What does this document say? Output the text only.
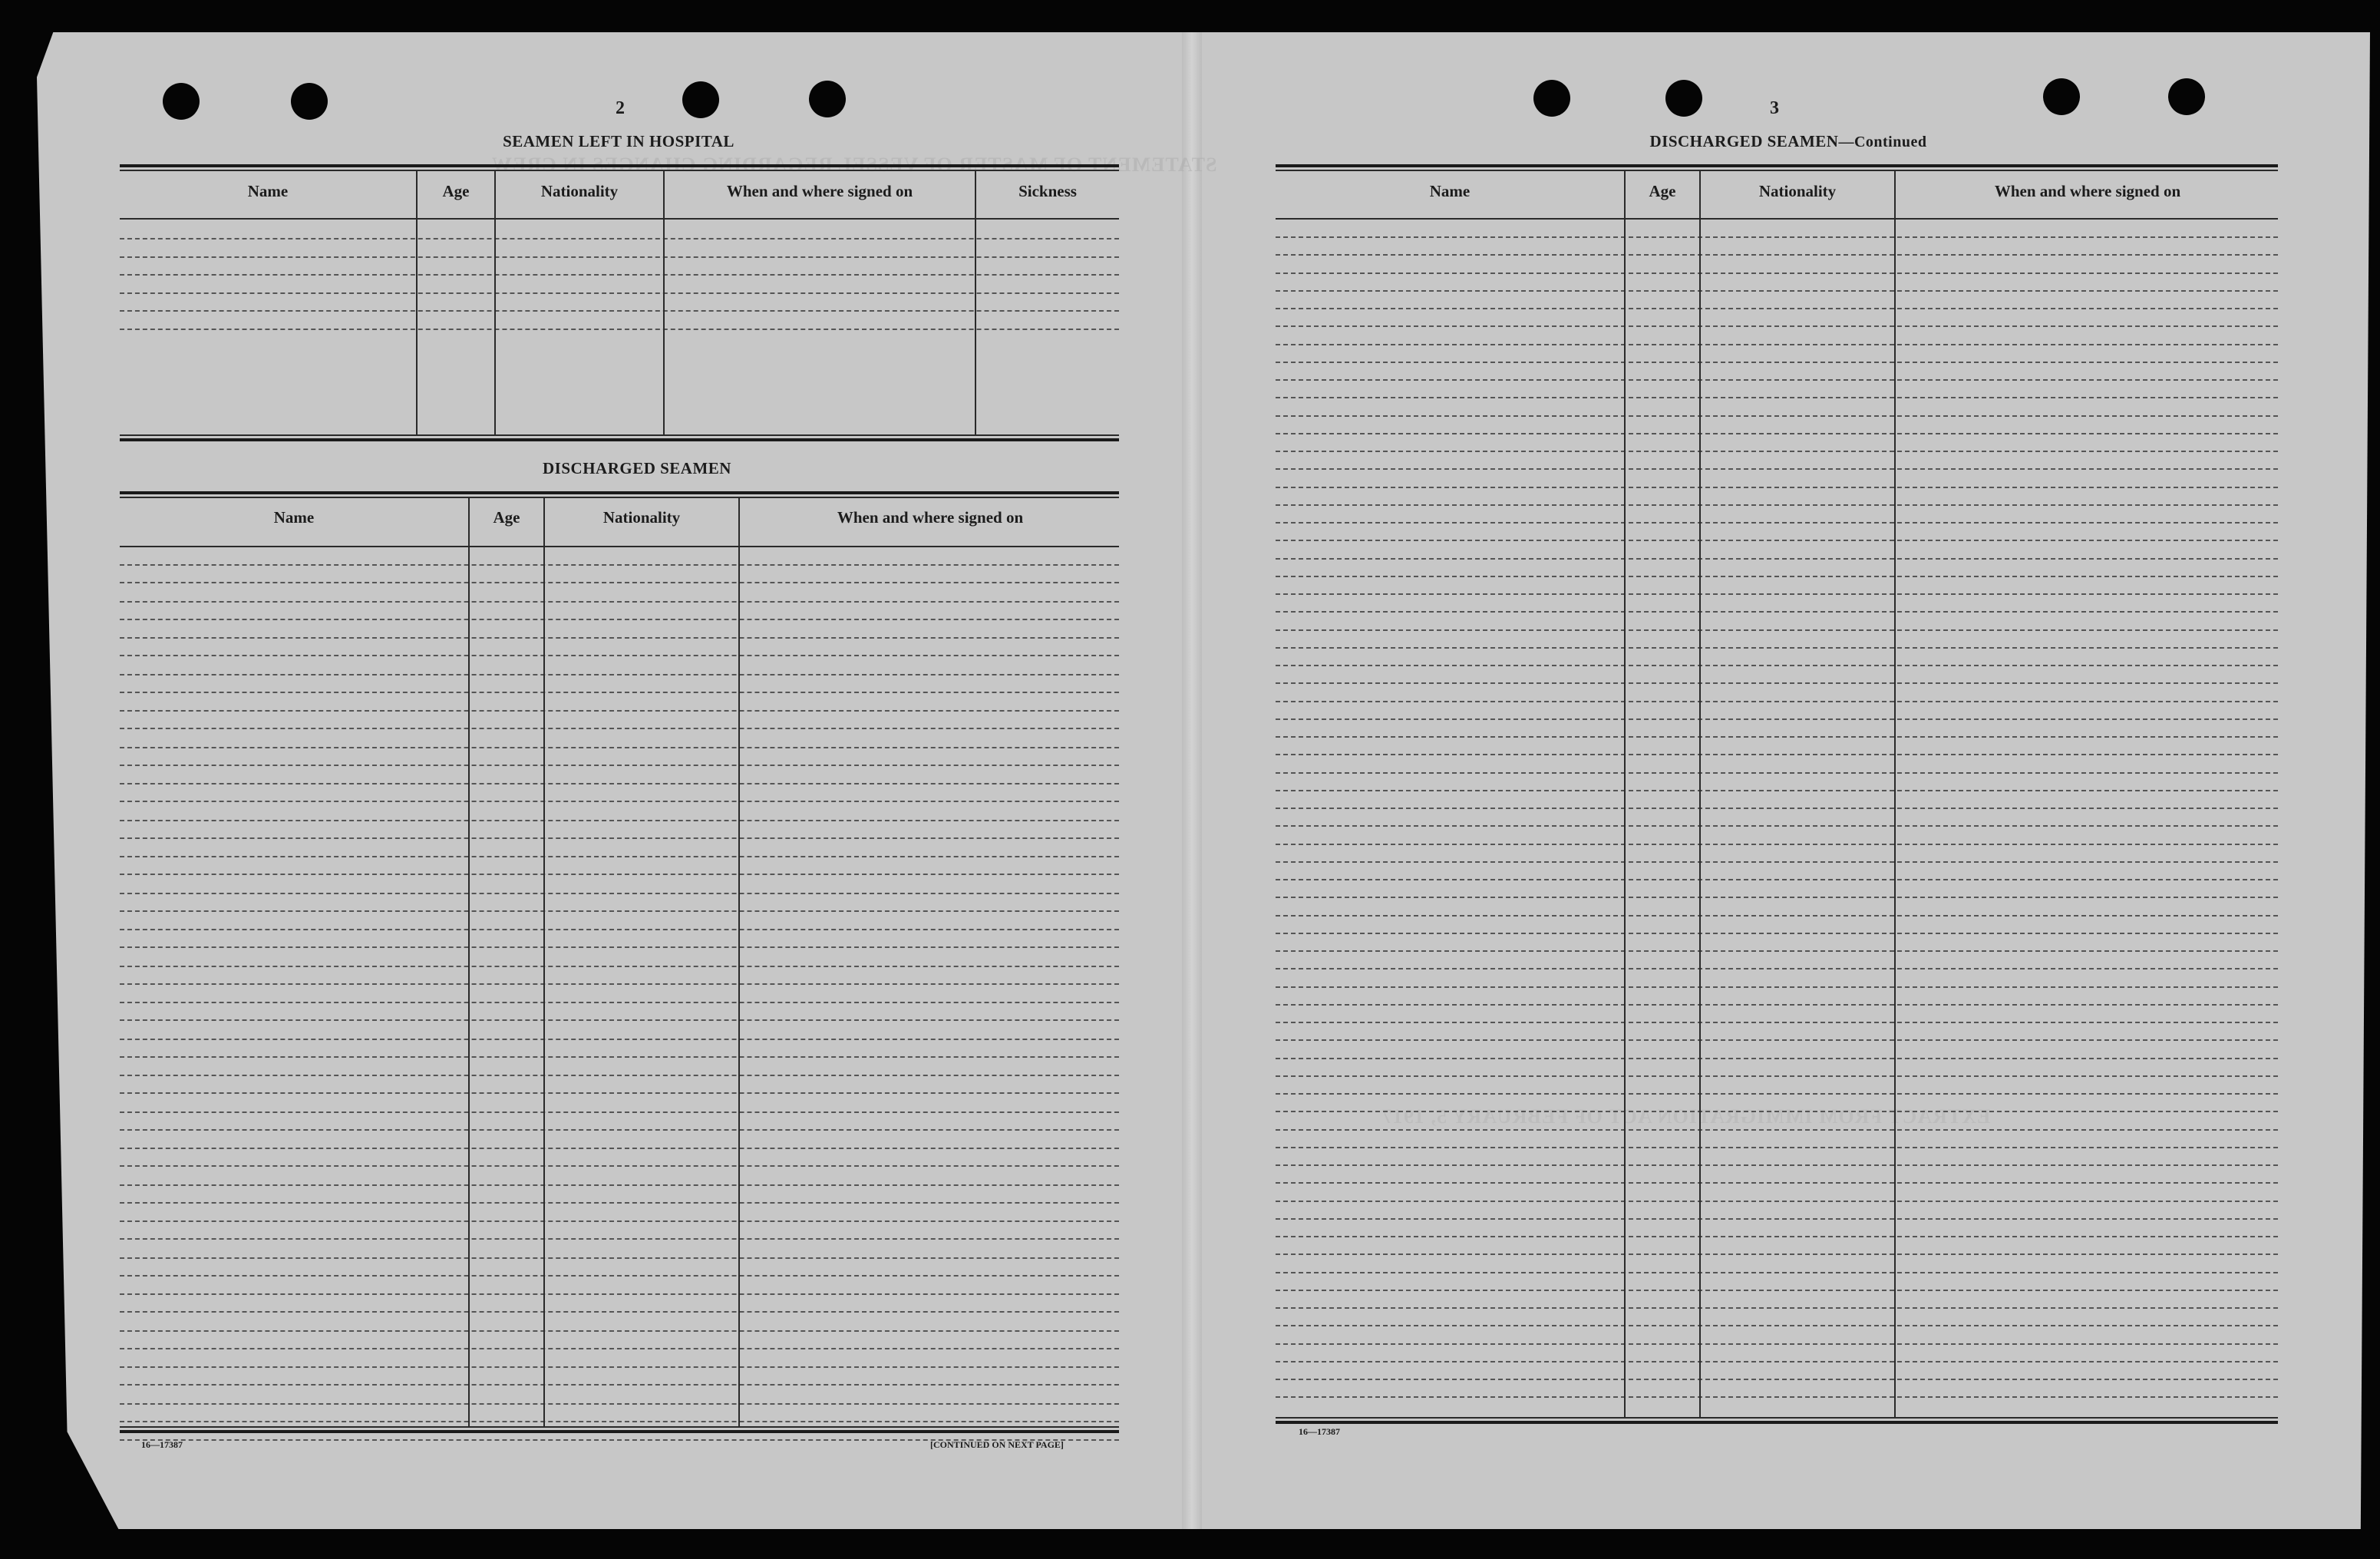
STATEMENT OF MASTER OF VESSEL REGARDING CHANGES IN CREW
EXTRACT FROM IMMIGRATION ACT OF FEBRUARY 5, 1917
2
SEAMEN LEFT IN HOSPITAL
Name	Age	Nationality	When and where signed on	Sickness
DISCHARGED SEAMEN
Name	Age	Nationality	When and where signed on
16—17387	[CONTINUED ON NEXT PAGE]
3
DISCHARGED SEAMEN—Continued
Name	Age	Nationality	When and where signed on
16—17387
